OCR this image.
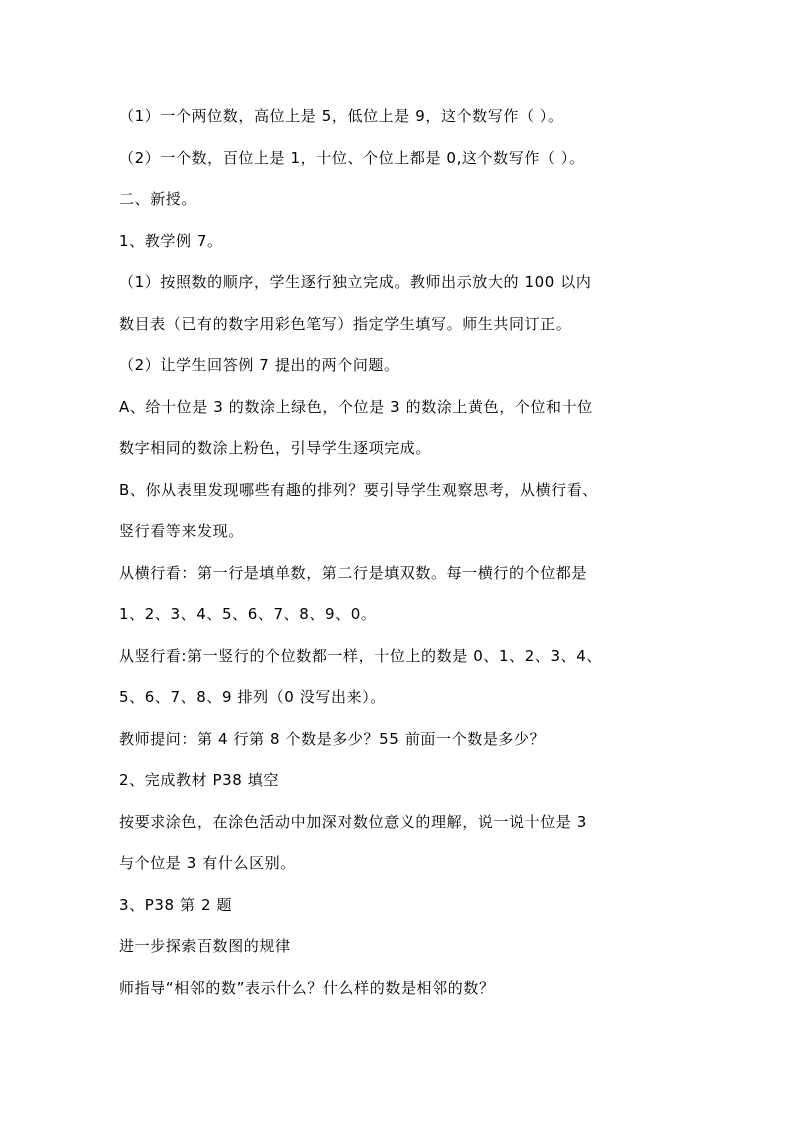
（1）一个两位数，高位上是 5，低位上是 9，这个数写作（ ）。
（2）一个数，百位上是 1，十位、个位上都是 0,这个数写作（ ）。
二、新授。
1、教学例 7。
（1）按照数的顺序，学生逐行独立完成。教师出示放大的 100 以内
数目表（已有的数字用彩色笔写）指定学生填写。师生共同订正。
（2）让学生回答例 7 提出的两个问题。
A、给十位是 3 的数涂上绿色，个位是 3 的数涂上黄色，个位和十位
数字相同的数涂上粉色，引导学生逐项完成。
B、你从表里发现哪些有趣的排列？要引导学生观察思考，从横行看、
竖行看等来发现。
从横行看：第一行是填单数，第二行是填双数。每一横行的个位都是
1、2、3、4、5、6、7、8、9、0。
从竖行看:第一竖行的个位数都一样，十位上的数是 0、1、2、3、4、
5、6、7、8、9 排列（0 没写出来）。
教师提问：第 4 行第 8 个数是多少？55 前面一个数是多少？
2、完成教材 P38 填空
按要求涂色，在涂色活动中加深对数位意义的理解，说一说十位是 3
与个位是 3 有什么区别。
3、P38 第 2 题
进一步探索百数图的规律
师指导“相邻的数”表示什么？什么样的数是相邻的数？
